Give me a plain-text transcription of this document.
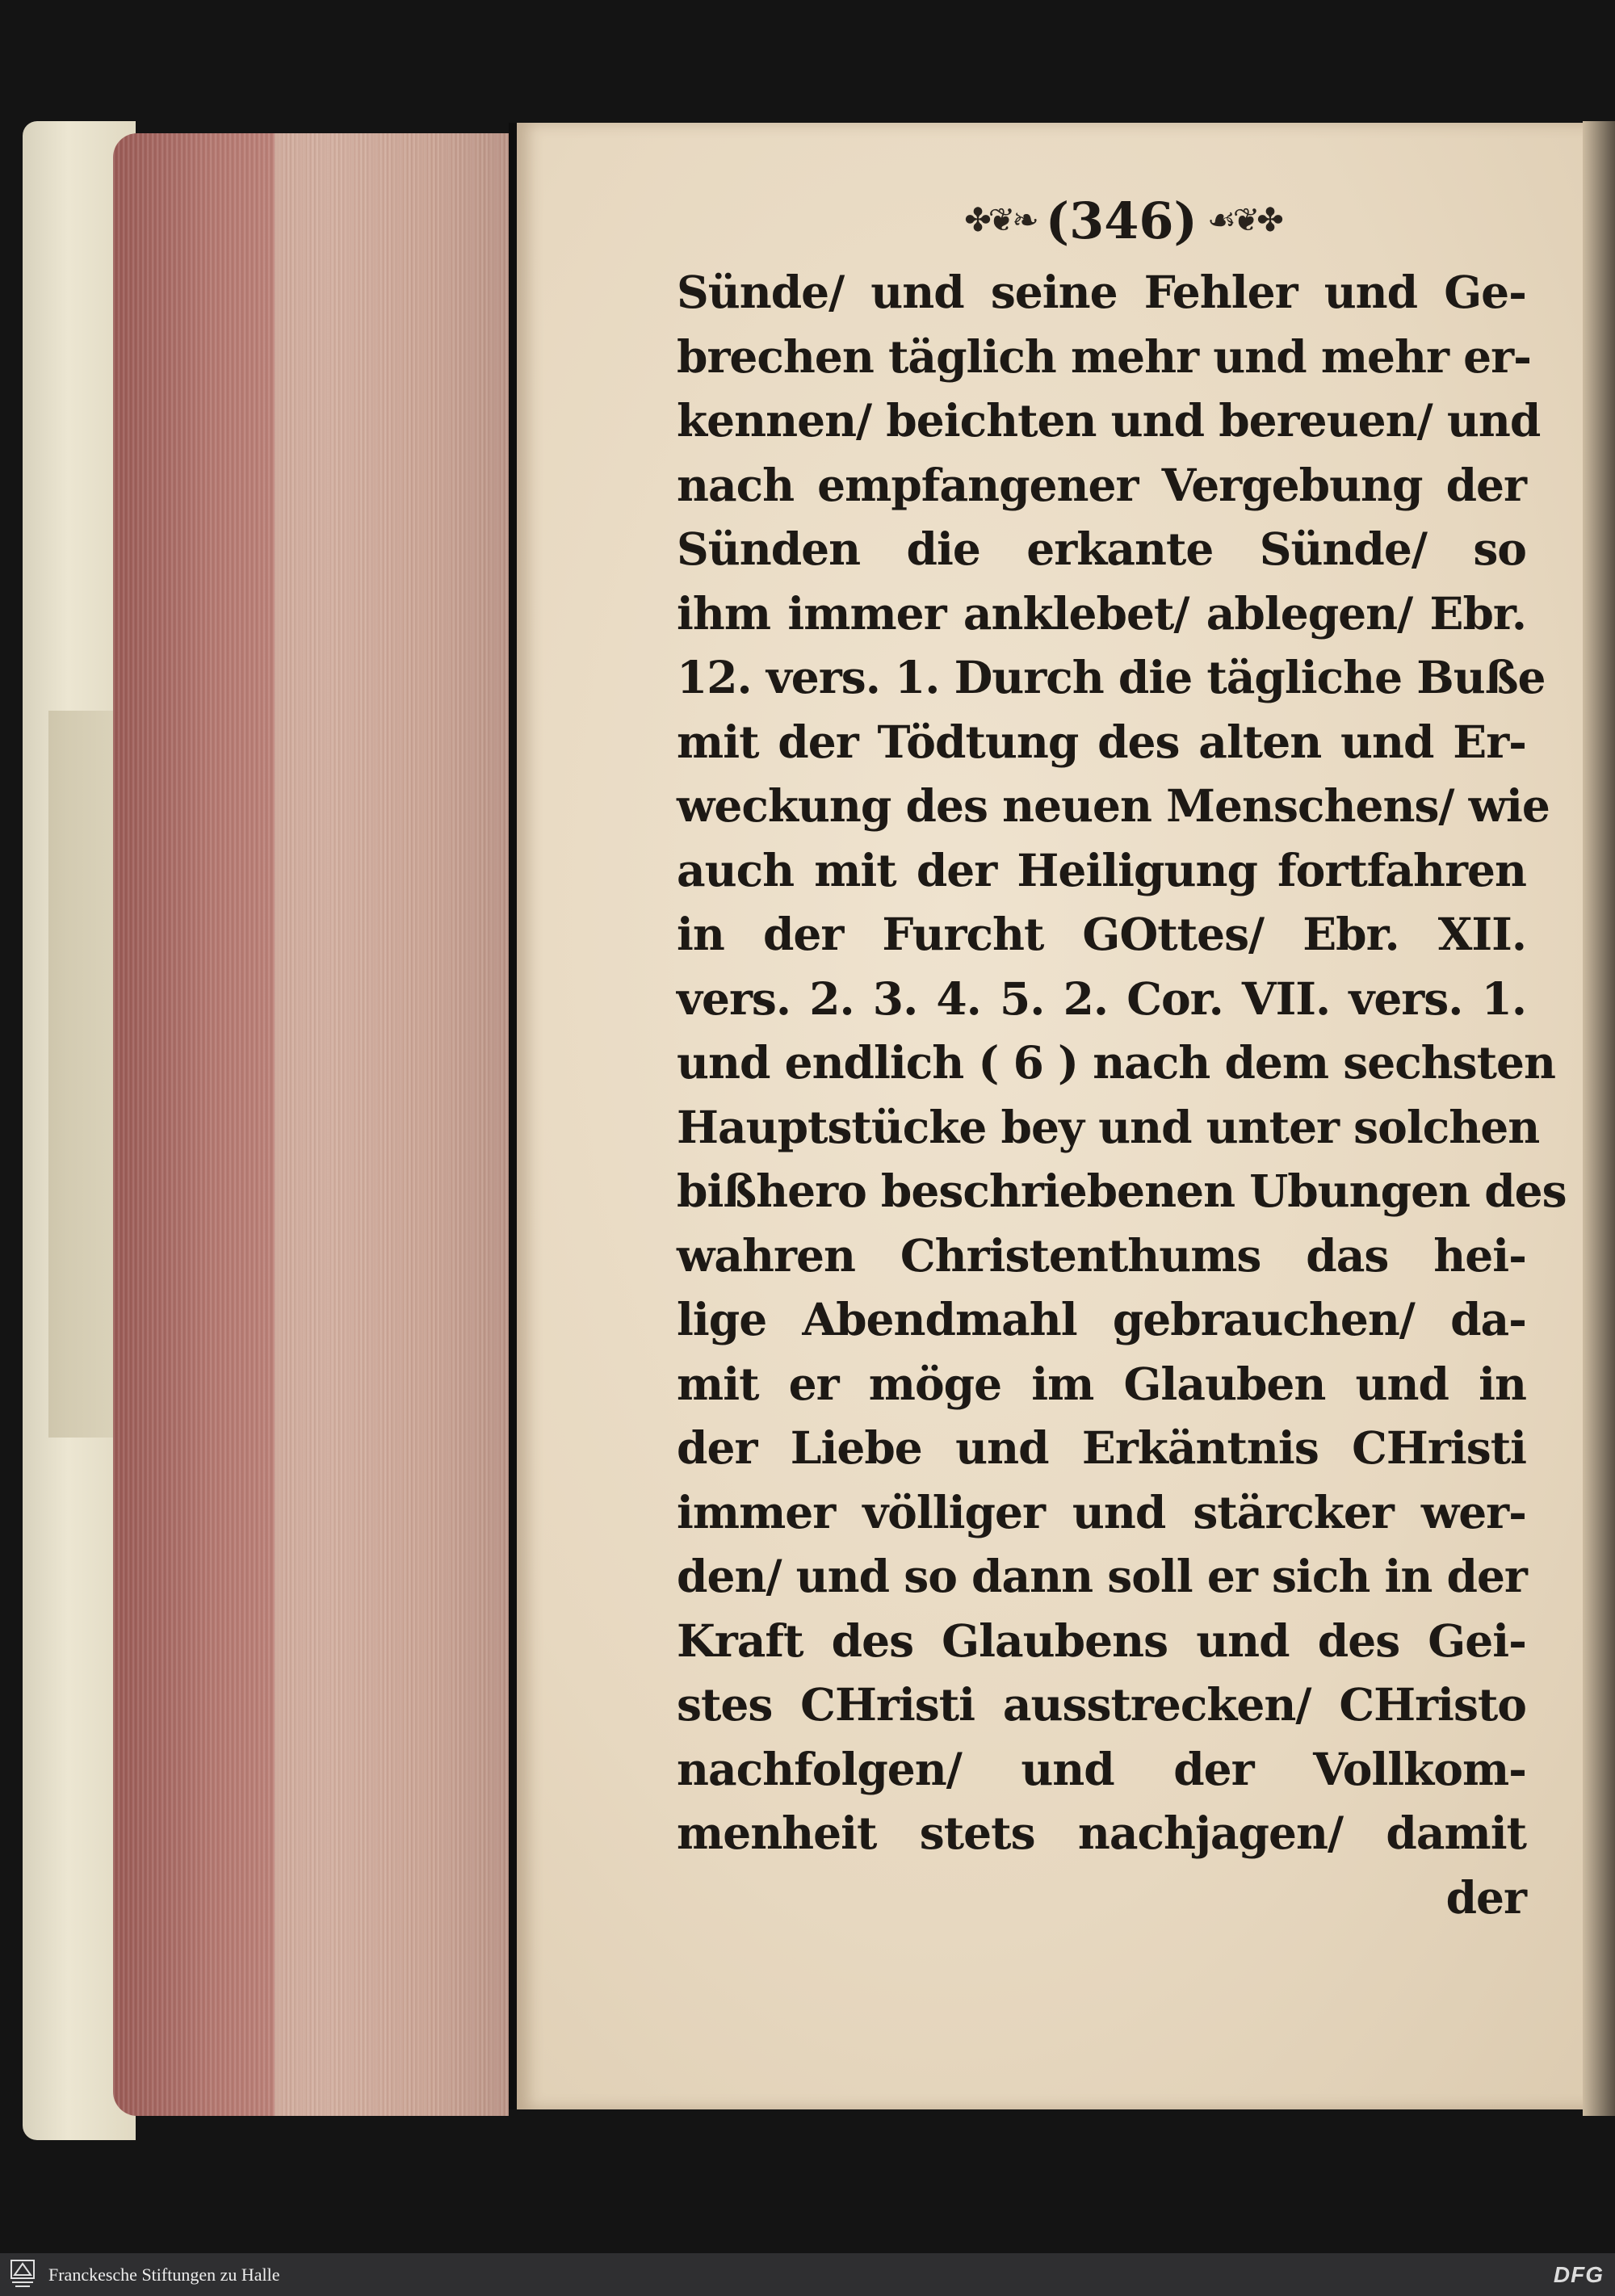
✤❦❧ (346) ☙❦✤
Sünde/ und seine Fehler und Ge-
brechen täglich mehr und mehr er-
kennen/ beichten und bereuen/ und
nach empfangener Vergebung der
Sünden die erkante Sünde/ so
ihm immer anklebet/ ablegen/ Ebr.
12. vers. 1. Durch die tägliche Buße
mit der Tödtung des alten und Er-
weckung des neuen Menschens/ wie
auch mit der Heiligung fortfahren
in der Furcht GOttes/ Ebr. XII.
vers. 2. 3. 4. 5. 2. Cor. VII. vers. 1.
und endlich ( 6 ) nach dem sechsten
Hauptstücke bey und unter solchen
bißhero beschriebenen Ubungen des
wahren Christenthums das hei-
lige Abendmahl gebrauchen/ da-
mit er möge im Glauben und in
der Liebe und Erkäntnis CHristi
immer völliger und stärcker wer-
den/ und so dann soll er sich in der
Kraft des Glaubens und des Gei-
stes CHristi ausstrecken/ CHristo
nachfolgen/ und der Vollkom-
menheit stets nachjagen/ damit
der
Franckesche Stiftungen zu Halle	DFG
